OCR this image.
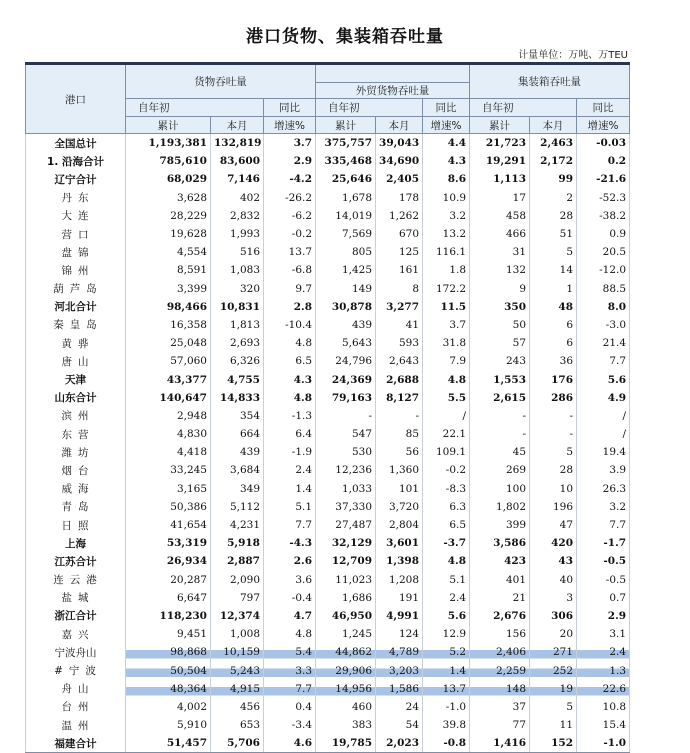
港口货物、集装箱吞吐量
计量单位：万吨、万TEU
港口	货物吞吐量						集装箱吞吐量		
				外贸货物吞吐量					
	自年初		同比	自年初		同比	自年初		同比
	累计	本月	增速%	累计	本月	增速%	累计	本月	增速%
全国总计	1,193,381	132,819	3.7	375,757	39,043	4.4	21,723	2,463	-0.03
1. 沿海合计	785,610	83,600	2.9	335,468	34,690	4.3	19,291	2,172	0.2
辽宁合计	68,029	7,146	-4.2	25,646	2,405	8.6	1,113	99	-21.6
丹东	3,628	402	-26.2	1,678	178	10.9	17	2	-52.3
大连	28,229	2,832	-6.2	14,019	1,262	3.2	458	28	-38.2
营口	19,628	1,993	-0.2	7,569	670	13.2	466	51	0.9
盘锦	4,554	516	13.7	805	125	116.1	31	5	20.5
锦州	8,591	1,083	-6.8	1,425	161	1.8	132	14	-12.0
葫芦岛	3,399	320	9.7	149	8	172.2	9	1	88.5
河北合计	98,466	10,831	2.8	30,878	3,277	11.5	350	48	8.0
秦皇岛	16,358	1,813	-10.4	439	41	3.7	50	6	-3.0
黄骅	25,048	2,693	4.8	5,643	593	31.8	57	6	21.4
唐山	57,060	6,326	6.5	24,796	2,643	7.9	243	36	7.7
天津	43,377	4,755	4.3	24,369	2,688	4.8	1,553	176	5.6
山东合计	140,647	14,833	4.8	79,163	8,127	5.5	2,615	286	4.9
滨州	2,948	354	-1.3	-	-	/	-	-	/
东营	4,830	664	6.4	547	85	22.1	-	-	/
潍坊	4,418	439	-1.9	530	56	109.1	45	5	19.4
烟台	33,245	3,684	2.4	12,236	1,360	-0.2	269	28	3.9
威海	3,165	349	1.4	1,033	101	-8.3	100	10	26.3
青岛	50,386	5,112	5.1	37,330	3,720	6.3	1,802	196	3.2
日照	41,654	4,231	7.7	27,487	2,804	6.5	399	47	7.7
上海	53,319	5,918	-4.3	32,129	3,601	-3.7	3,586	420	-1.7
江苏合计	26,934	2,887	2.6	12,709	1,398	4.8	423	43	-0.5
连云港	20,287	2,090	3.6	11,023	1,208	5.1	401	40	-0.5
盐城	6,647	797	-0.4	1,686	191	2.4	21	3	0.7
浙江合计	118,230	12,374	4.7	46,950	4,991	5.6	2,676	306	2.9
嘉兴	9,451	1,008	4.8	1,245	124	12.9	156	20	3.1
宁波舟山	98,868	10,159	5.4	44,862	4,789	5.2	2,406	271	2.4
#宁波	50,504	5,243	3.3	29,906	3,203	1.4	2,259	252	1.3
舟山	48,364	4,915	7.7	14,956	1,586	13.7	148	19	22.6
台州	4,002	456	0.4	460	24	-1.0	37	5	10.8
温州	5,910	653	-3.4	383	54	39.8	77	11	15.4
福建合计	51,457	5,706	4.6	19,785	2,023	-0.8	1,416	152	-1.0
